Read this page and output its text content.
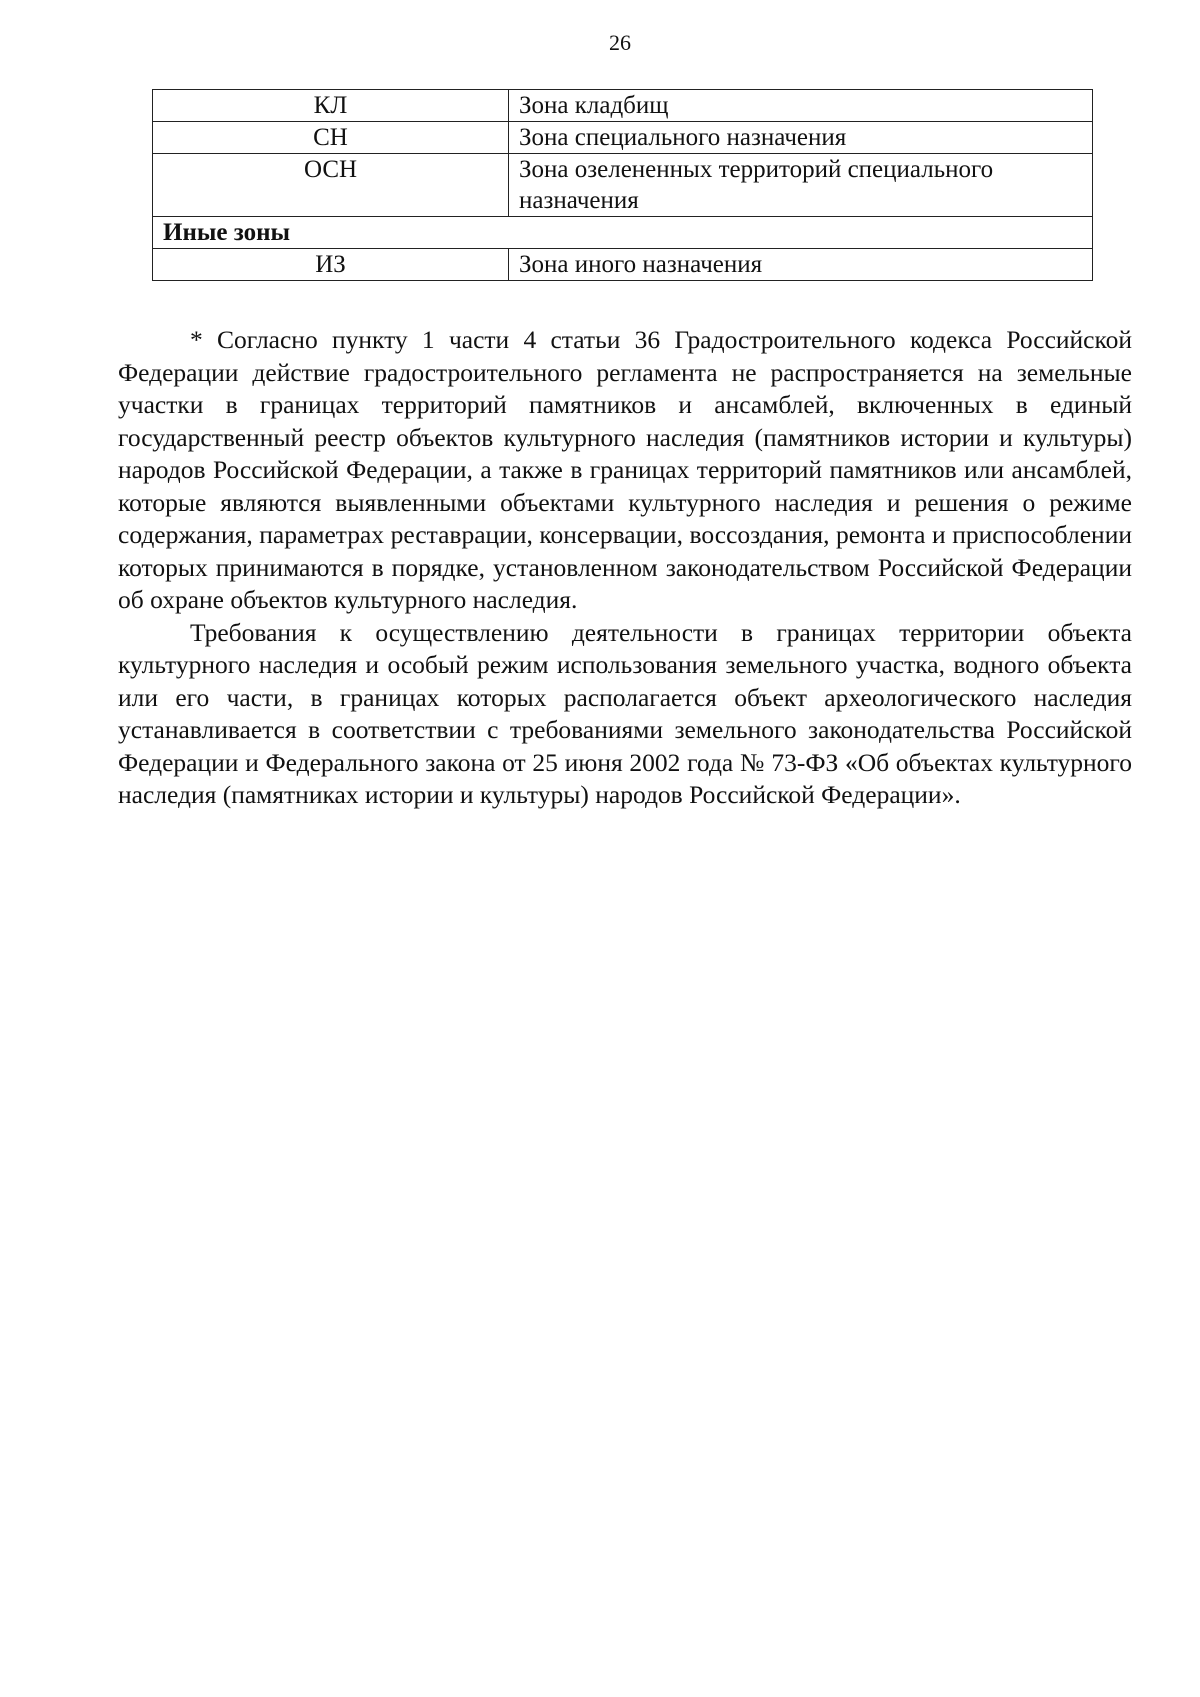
26
КЛ	Зона кладбищ
СН	Зона специального назначения
ОСН	Зона озелененных территорий специального назначения
Иные зоны	
ИЗ	Зона иного назначения

* Согласно пункту 1 части 4 статьи 36 Градостроительного кодекса Российской Федерации действие градостроительного регламента не распространяется на земельные участки в границах территорий памятников и ансамблей, включенных в единый государственный реестр объектов культурного наследия (памятников истории и культуры) народов Российской Федерации, а также в границах территорий памятников или ансамблей, которые являются выявленными объектами культурного наследия и решения о режиме содержания, параметрах реставрации, консервации, воссоздания, ремонта и приспособлении которых принимаются в порядке, установленном законодательством Российской Федерации об охране объектов культурного наследия.

Требования к осуществлению деятельности в границах территории объекта культурного наследия и особый режим использования земельного участка, водного объекта или его части, в границах которых располагается объект археологического наследия устанавливается в соответствии с требованиями земельного законодательства Российской Федерации и Федерального закона от 25 июня 2002 года № 73-ФЗ «Об объектах культурного наследия (памятниках истории и культуры) народов Российской Федерации».
